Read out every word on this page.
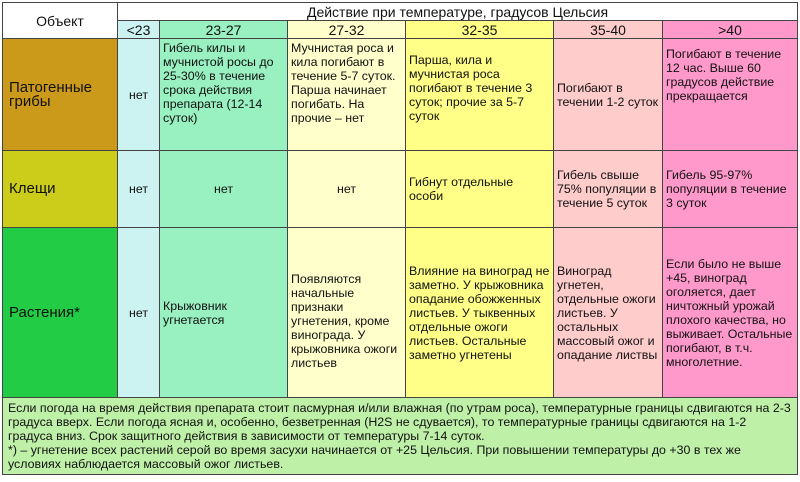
Объект	Действие при температуре, градусов Цельсия					
	<23	23-27	27-32	32-35	35-40	>40
Патогенные грибы	нет	Гибель килы и мучнистой росы до 25-30% в течение срока действия препарата (12-14 суток)	Мучнистая роса и кила погибают в течение 5-7 суток. Парша начинает погибать. На прочие – нет	Парша, кила и мучнистая роса погибают в течение 3 суток; прочие за 5-7 суток	Погибают в течении 1-2 суток	Погибают в течение 12 час. Выше 60 градусов действие прекращается
Клещи	нет	нет	нет	Гибнут отдельные особи	Гибель свыше 75% популяции в течение 5 суток	Гибель 95-97% популяции в течение 3 суток
Растения*	нет	Крыжовник угнетается	Появляются начальные признаки угнетения, кроме винограда. У крыжовника ожоги листьев	Влияние на виноград не заметно. У крыжовника опадание обожженных листьев. У тыквенных отдельные ожоги листьев. Остальные заметно угнетены	Виноград угнетен, отдельные ожоги листьев. У остальных массовый ожог и опадание листвы	Если было не выше +45, виноград оголяется, дает ничтожный урожай плохого качества, но выживает. Остальные погибают, в т.ч. многолетние.

Если погода на время действия препарата стоит пасмурная и/или влажная (по утрам роса), температурные границы сдвигаются на 2-3 градуса вверх. Если погода ясная и, особенно, безветренная (H2S не сдувается), то температурные границы сдвигаются на 1-2 градуса вниз. Срок защитного действия в зависимости от температуры 7-14 суток.
*) – угнетение всех растений серой во время засухи начинается от +25 Цельсия. При повышении температуры до +30 в тех же условиях наблюдается массовый ожог листьев.						
